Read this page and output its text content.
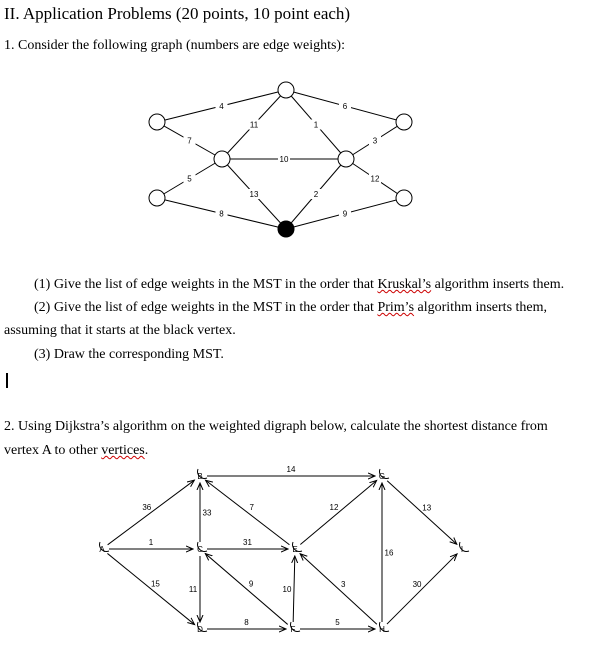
II. Application Problems (20 points, 10 point each)
1. Consider the following graph (numbers are edge weights):
4	6
7
11	1
3
10
5
13	2
12
8	9
36
1
15
33
31
11
7
14
12
9
10
8	5
3
16
13
30
A
B
C
D
E
F
G
H
I
(1) Give the list of edge weights in the MST in the order that Kruskal’s algorithm inserts them.
(2) Give the list of edge weights in the MST in the order that Prim’s algorithm inserts them,
assuming that it starts at the black vertex.
(3) Draw the corresponding MST.
2. Using Dijkstra’s algorithm on the weighted digraph below, calculate the shortest distance from
vertex A to other vertices.
